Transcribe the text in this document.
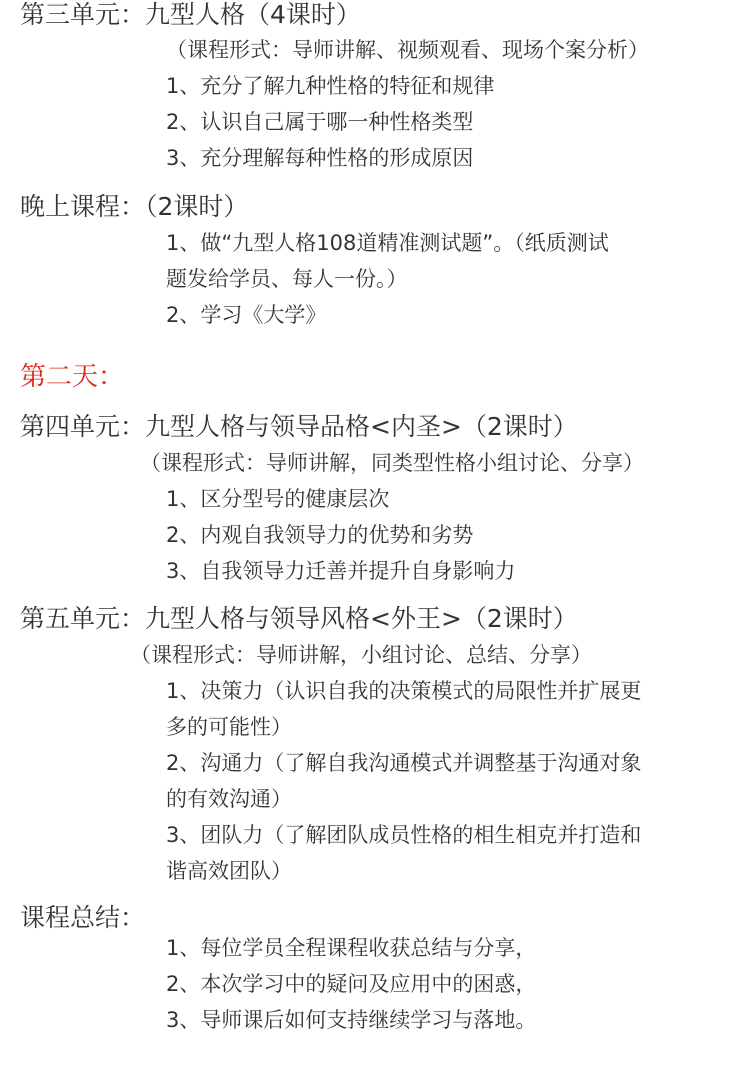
第三单元：九型人格（4课时）
（课程形式：导师讲解、视频观看、现场个案分析）
1、充分了解九种性格的特征和规律
2、认识自己属于哪一种性格类型
3、充分理解每种性格的形成原因
晚上课程：（2课时）
1、做“九型人格108道精准测试题”。（纸质测试
题发给学员、每人一份。）
2、学习《大学》
第二天：
第四单元：九型人格与领导品格<内圣>（2课时）
（课程形式：导师讲解，同类型性格小组讨论、分享）
1、区分型号的健康层次
2、内观自我领导力的优势和劣势
3、自我领导力迁善并提升自身影响力
第五单元：九型人格与领导风格<外王>（2课时）
（课程形式：导师讲解，小组讨论、总结、分享）
1、决策力（认识自我的决策模式的局限性并扩展更
多的可能性）
2、沟通力（了解自我沟通模式并调整基于沟通对象
的有效沟通）
3、团队力（了解团队成员性格的相生相克并打造和
谐高效团队）
课程总结：
1、每位学员全程课程收获总结与分享，
2、本次学习中的疑问及应用中的困惑，
3、导师课后如何支持继续学习与落地。
